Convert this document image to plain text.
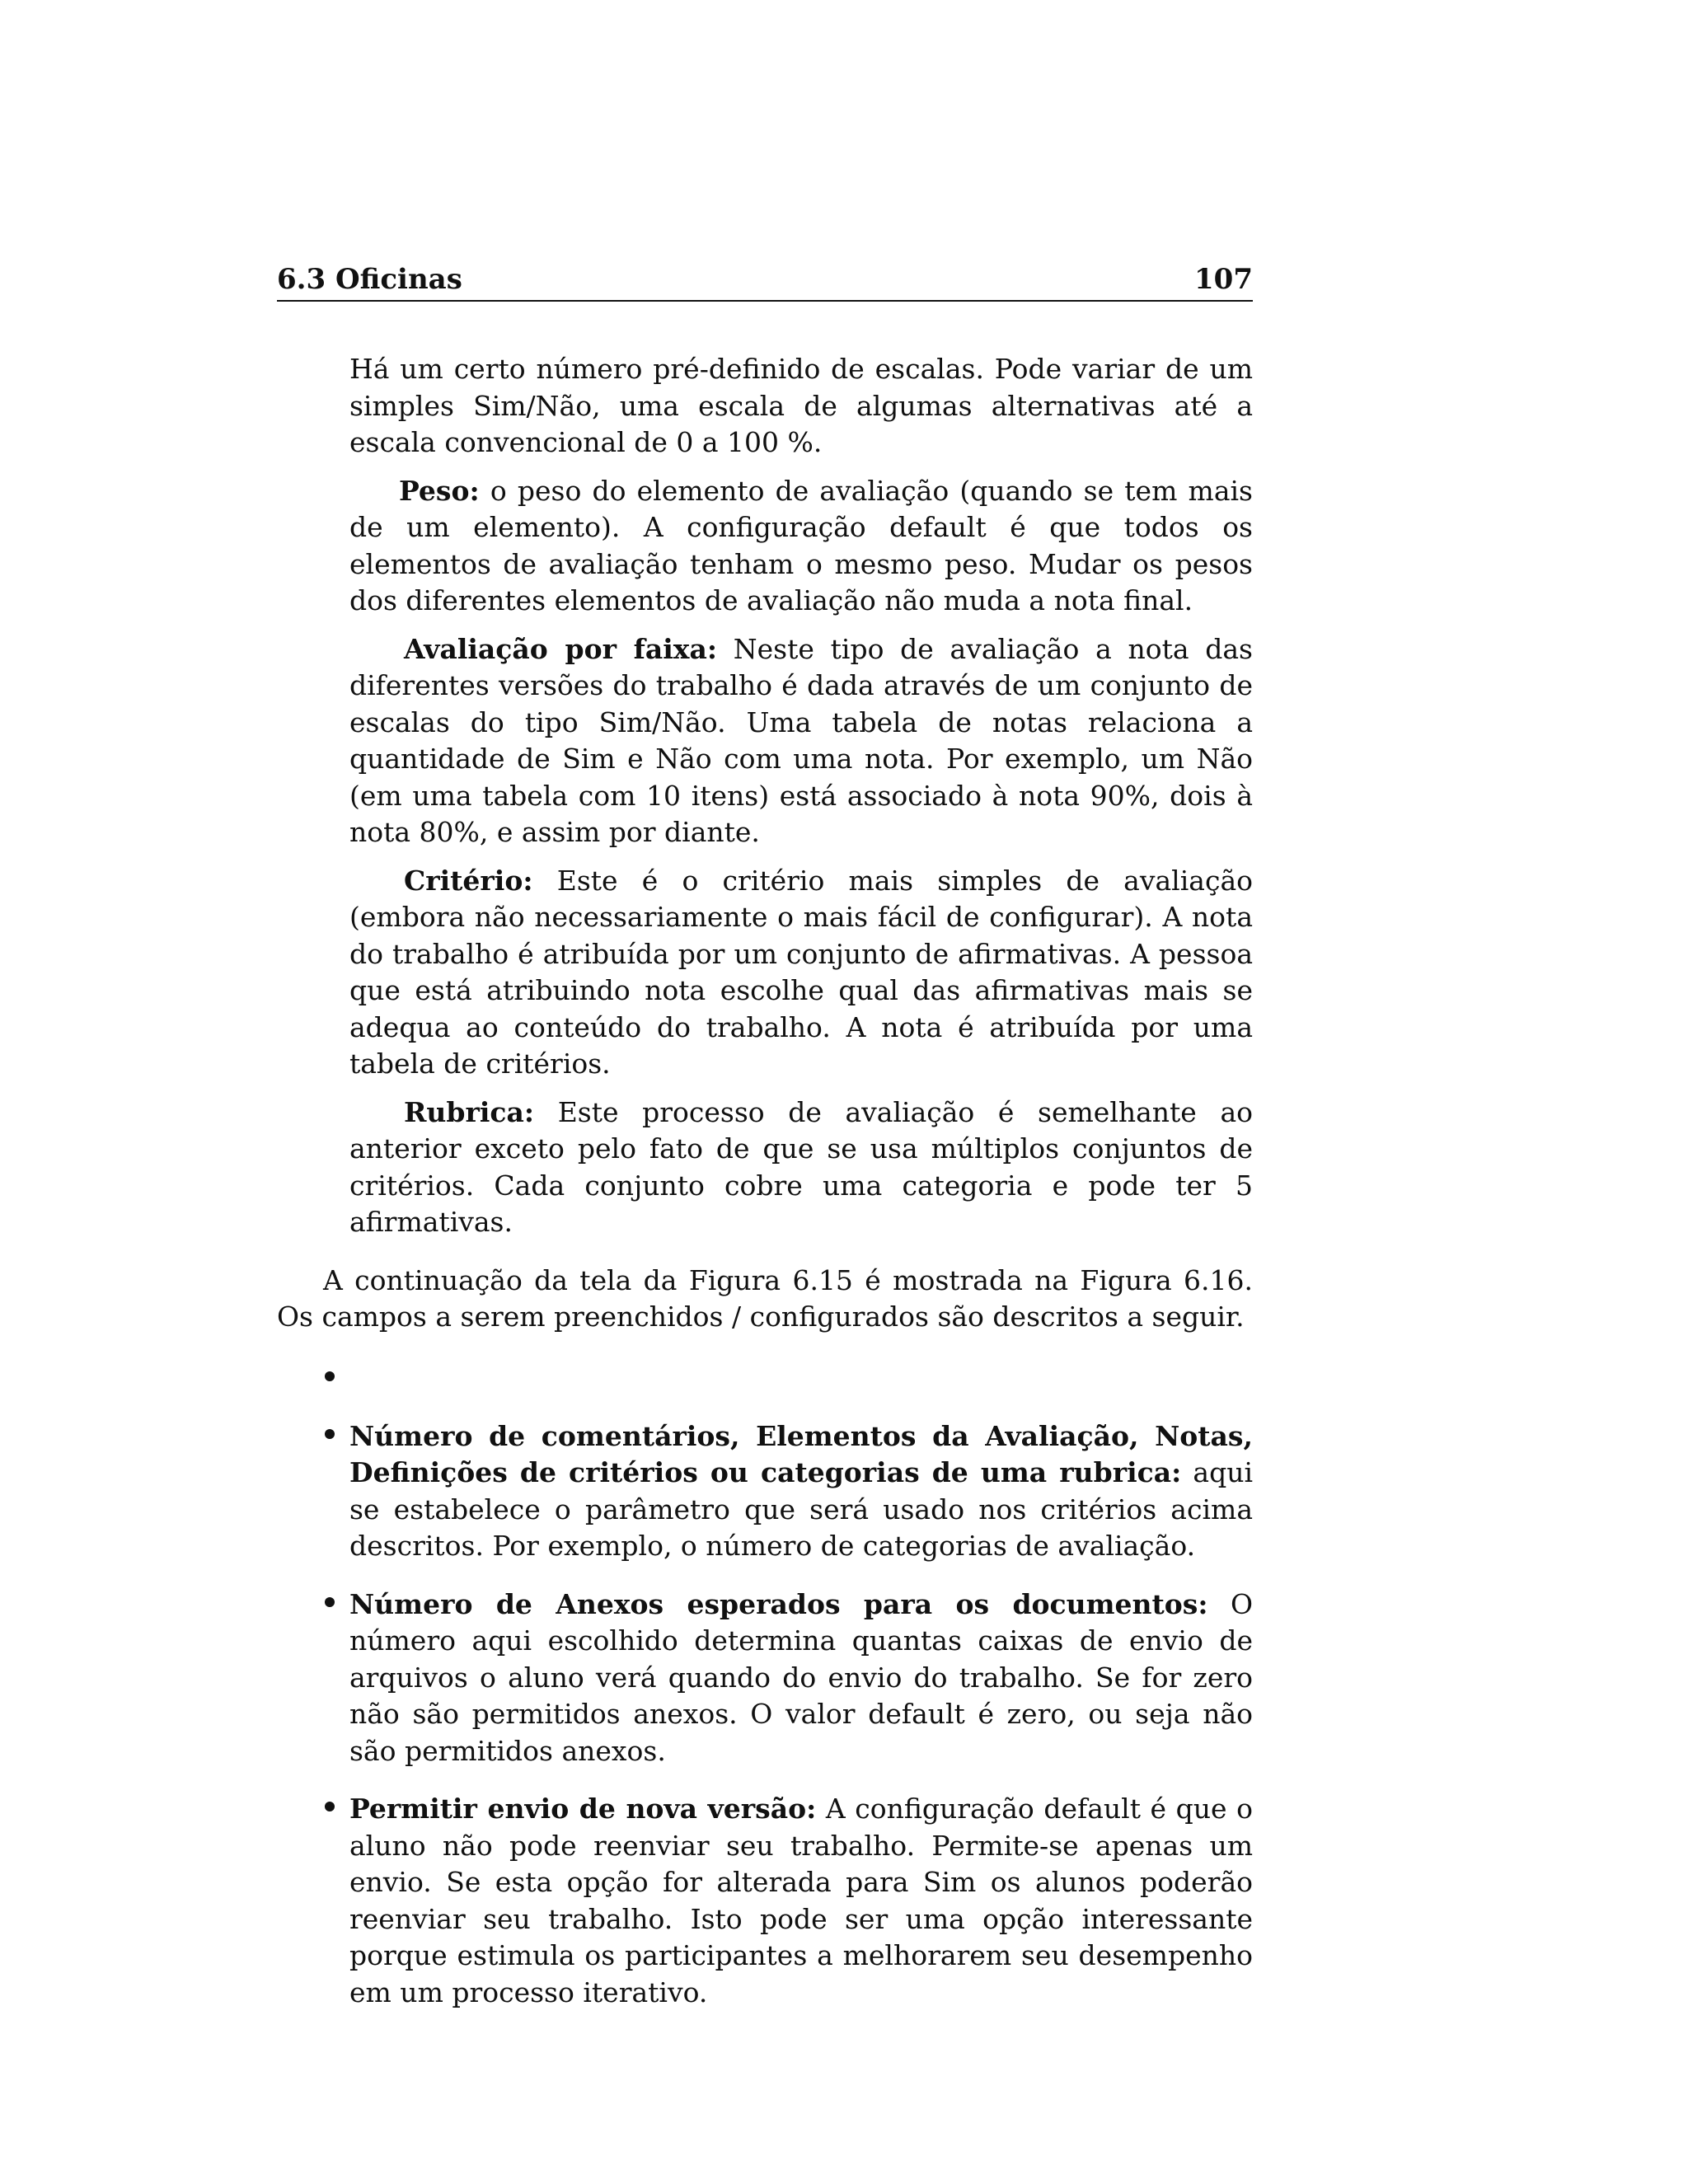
6.3 Oficinas	107

Há um certo número pré-definido de escalas. Pode variar de um simples Sim/Não, uma escala de algumas alternativas até a escala convencional de 0 a 100 %.

Peso: o peso do elemento de avaliação (quando se tem mais de um elemento). A configuração default é que todos os elementos de avaliação tenham o mesmo peso. Mudar os pesos dos diferentes elementos de avaliação não muda a nota final.

Avaliação por faixa: Neste tipo de avaliação a nota das diferentes versões do trabalho é dada através de um conjunto de escalas do tipo Sim/Não. Uma tabela de notas relaciona a quantidade de Sim e Não com uma nota. Por exemplo, um Não (em uma tabela com 10 itens) está associado à nota 90%, dois à nota 80%, e assim por diante.

Critério: Este é o critério mais simples de avaliação (embora não necessariamente o mais fácil de configurar). A nota do trabalho é atribuída por um conjunto de afirmativas. A pessoa que está atribuindo nota escolhe qual das afirmativas mais se adequa ao conteúdo do trabalho. A nota é atribuída por uma tabela de critérios.

Rubrica: Este processo de avaliação é semelhante ao anterior exceto pelo fato de que se usa múltiplos conjuntos de critérios. Cada conjunto cobre uma categoria e pode ter 5 afirmativas.

A continuação da tela da Figura 6.15 é mostrada na Figura 6.16. Os campos a serem preenchidos / configurados são descritos a seguir.

Número de comentários, Elementos da Avaliação, Notas, Definições de critérios ou categorias de uma rubrica: aqui se estabelece o parâmetro que será usado nos critérios acima descritos. Por exemplo, o número de categorias de avaliação.
Número de Anexos esperados para os documentos: O número aqui escolhido determina quantas caixas de envio de arquivos o aluno verá quando do envio do trabalho. Se for zero não são permitidos anexos. O valor default é zero, ou seja não são permitidos anexos.
Permitir envio de nova versão: A configuração default é que o aluno não pode reenviar seu trabalho. Permite-se apenas um envio. Se esta opção for alterada para Sim os alunos poderão reenviar seu trabalho. Isto pode ser uma opção interessante porque estimula os participantes a melhorarem seu desempenho em um processo iterativo.
